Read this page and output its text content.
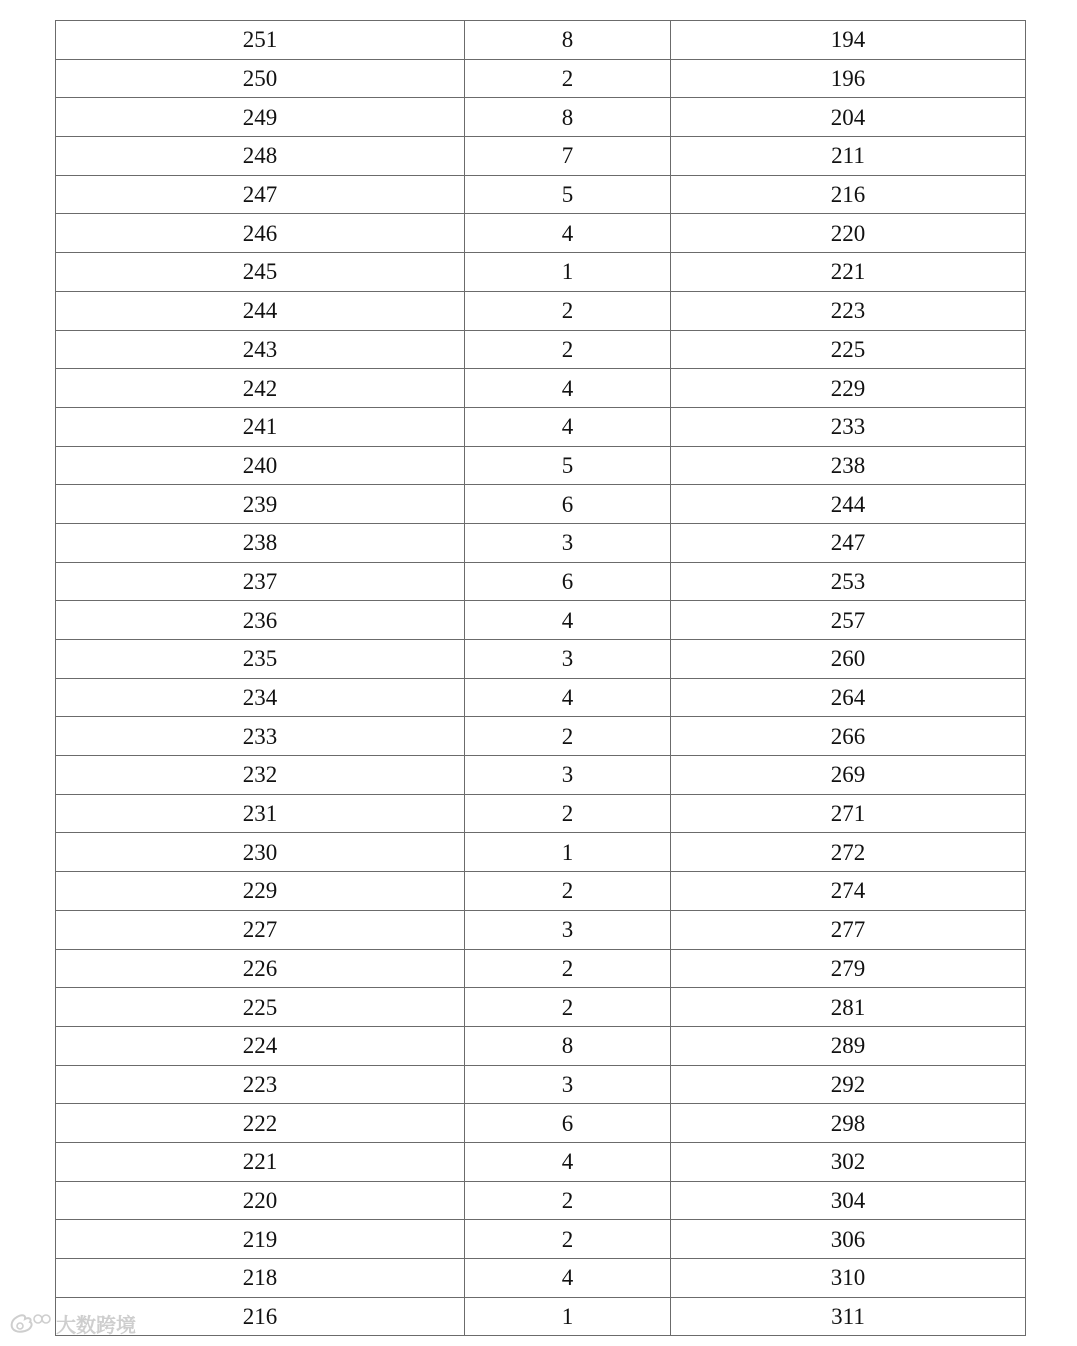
251	8	194
250	2	196
249	8	204
248	7	211
247	5	216
246	4	220
245	1	221
244	2	223
243	2	225
242	4	229
241	4	233
240	5	238
239	6	244
238	3	247
237	6	253
236	4	257
235	3	260
234	4	264
233	2	266
232	3	269
231	2	271
230	1	272
229	2	274
227	3	277
226	2	279
225	2	281
224	8	289
223	3	292
222	6	298
221	4	302
220	2	304
219	2	306
218	4	310
216	1	311
大数跨境
